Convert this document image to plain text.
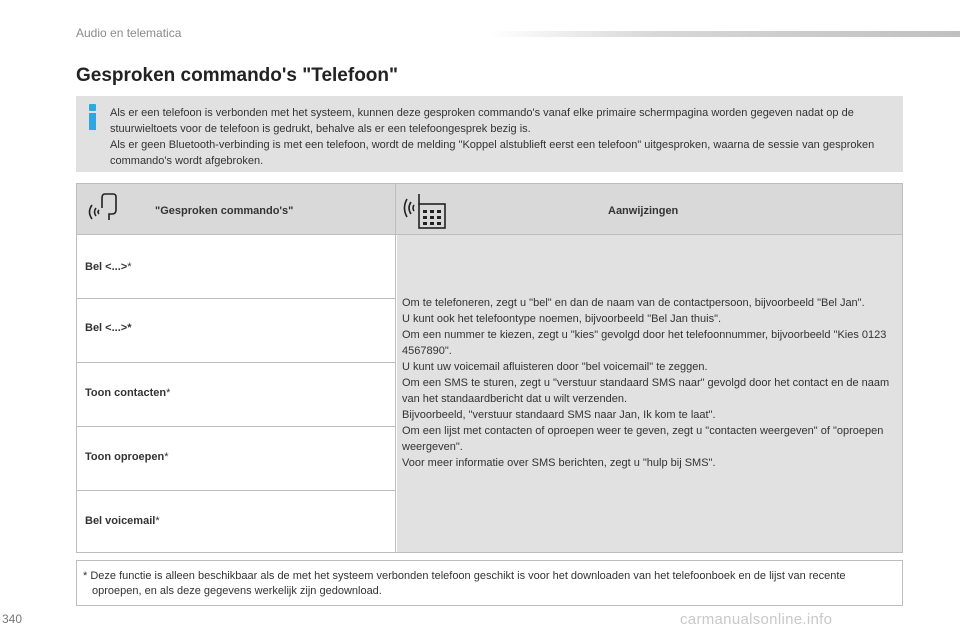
Audio en telematica
Gesproken commando's "Telefoon"

Als er een telefoon is verbonden met het systeem, kunnen deze gesproken commando's vanaf elke primaire schermpagina worden gegeven nadat op de stuurwieltoets voor de telefoon is gedrukt, behalve als er een telefoongesprek bezig is.

Als er geen Bluetooth-verbinding is met een telefoon, wordt de melding "Koppel alstublieft eerst een telefoon" uitgesproken, waarna de sessie van gesproken commando's wordt afgebroken.

"Gesproken commando's"	Aanwijzingen
Bel <...>*
Bel <...>*
Toon contacten*
Toon oproepen*
Bel voicemail*

Om te telefoneren, zegt u "bel" en dan de naam van de contactpersoon, bijvoorbeeld "Bel Jan".

U kunt ook het telefoontype noemen, bijvoorbeeld "Bel Jan thuis".

Om een nummer te kiezen, zegt u "kies" gevolgd door het telefoonnummer, bijvoorbeeld "Kies 0123 4567890".

U kunt uw voicemail afluisteren door "bel voicemail" te zeggen.

Om een SMS te sturen, zegt u "verstuur standaard SMS naar" gevolgd door het contact en de naam van het standaardbericht dat u wilt verzenden.

Bijvoorbeeld, "verstuur standaard SMS naar Jan, Ik kom te laat".

Om een lijst met contacten of oproepen weer te geven, zegt u "contacten weergeven" of "oproepen weergeven".

Voor meer informatie over SMS berichten, zegt u "hulp bij SMS".

* Deze functie is alleen beschikbaar als de met het systeem verbonden telefoon geschikt is voor het downloaden van het telefoonboek en de lijst van recente oproepen, en als deze gegevens werkelijk zijn gedownload.
340	carmanualsonline.info
